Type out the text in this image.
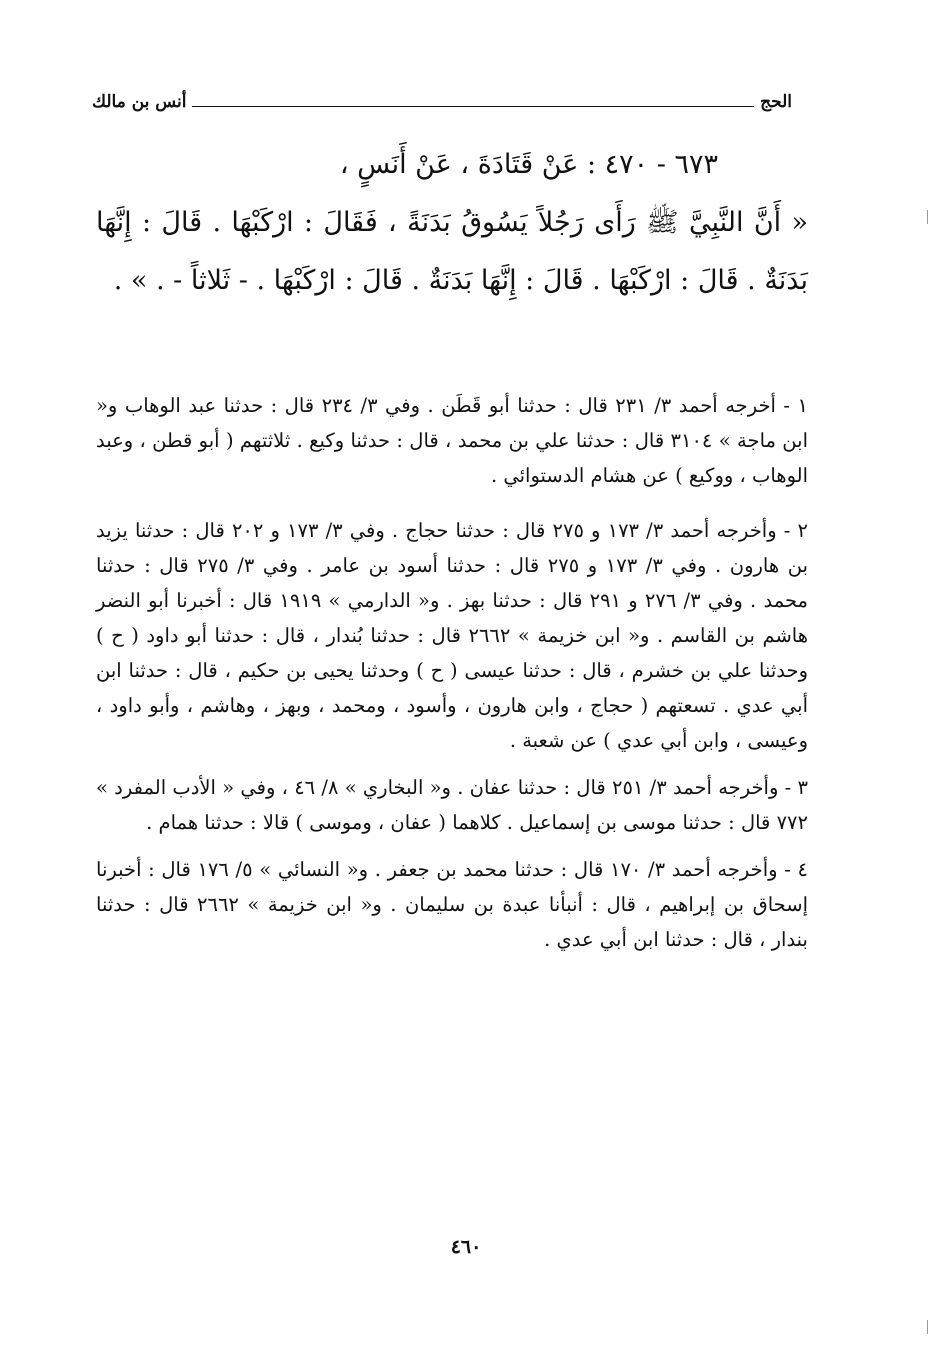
الحج
أنس بن مالك
٦٧٣ - ٤٧٠ : عَنْ قَتَادَةَ ، عَنْ أَنَسٍ ،
« أَنَّ النَّبِيَّ ﷺ رَأَى رَجُلاً يَسُوقُ بَدَنَةً ، فَقَالَ : ارْكَبْهَا . قَالَ : إِنَّهَا بَدَنَةٌ . قَالَ : ارْكَبْهَا . قَالَ : إِنَّهَا بَدَنَةٌ . قَالَ : ارْكَبْهَا . - ثَلاثاً - . » .

١ - أخرجه أحمد ٣/ ٢٣١ قال : حدثنا أبو قَطَن . وفي ٣/ ٢٣٤ قال : حدثنا عبد الوهاب و« ابن ماجة » ٣١٠٤ قال : حدثنا علي بن محمد ، قال : حدثنا وكيع . ثلاثتهم ( أبو قطن ، وعبد الوهاب ، ووكيع ) عن هشام الدستوائي .

٢ - وأخرجه أحمد ٣/ ١٧٣ و ٢٧٥ قال : حدثنا حجاج . وفي ٣/ ١٧٣ و ٢٠٢ قال : حدثنا يزيد بن هارون . وفي ٣/ ١٧٣ و ٢٧٥ قال : حدثنا أسود بن عامر . وفي ٣/ ٢٧٥ قال : حدثنا محمد . وفي ٣/ ٢٧٦ و ٢٩١ قال : حدثنا بهز . و« الدارمي » ١٩١٩ قال : أخبرنا أبو النضر هاشم بن القاسم . و« ابن خزيمة » ٢٦٦٢ قال : حدثنا بُندار ، قال : حدثنا أبو داود ( ح ) وحدثنا علي بن خشرم ، قال : حدثنا عيسى ( ح ) وحدثنا يحيى بن حكيم ، قال : حدثنا ابن أبي عدي . تسعتهم ( حجاج ، وابن هارون ، وأسود ، ومحمد ، وبهز ، وهاشم ، وأبو داود ، وعيسى ، وابن أبي عدي ) عن شعبة .

٣ - وأخرجه أحمد ٣/ ٢٥١ قال : حدثنا عفان . و« البخاري » ٨/ ٤٦ ، وفي « الأدب المفرد » ٧٧٢ قال : حدثنا موسى بن إسماعيل . كلاهما ( عفان ، وموسى ) قالا : حدثنا همام .

٤ - وأخرجه أحمد ٣/ ١٧٠ قال : حدثنا محمد بن جعفر . و« النسائي » ٥/ ١٧٦ قال : أخبرنا إسحاق بن إبراهيم ، قال : أنبأنا عبدة بن سليمان . و« ابن خزيمة » ٢٦٦٢ قال : حدثنا بندار ، قال : حدثنا ابن أبي عدي .

٤٦٠
